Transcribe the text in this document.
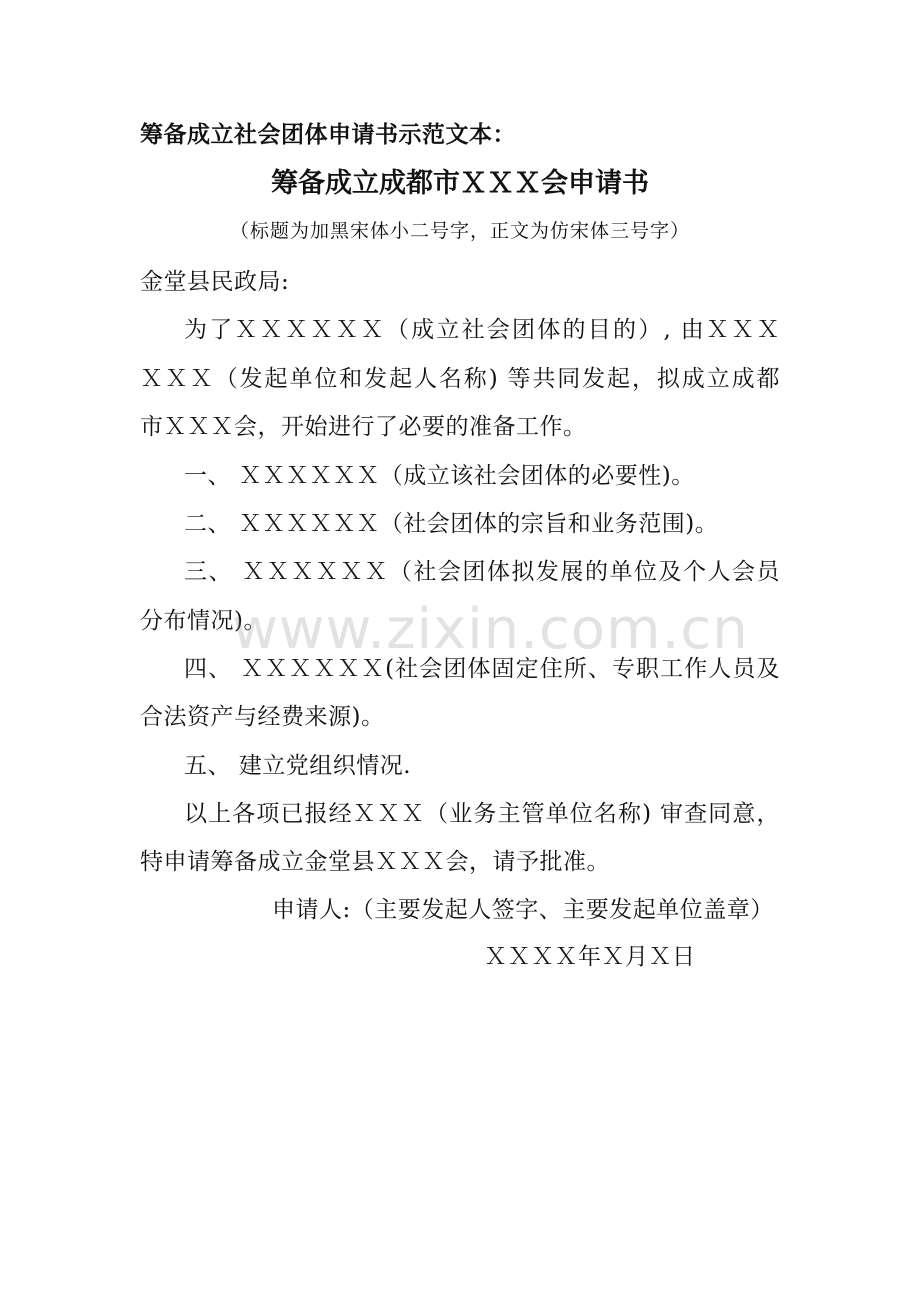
筹备成立社会团体申请书示范文本：
筹备成立成都市ＸＸＸ会申请书
（标题为加黑宋体小二号字，正文为仿宋体三号字）
金堂县民政局:
为了ＸＸＸＸＸＸ（成立社会团体的目的）, 由ＸＸＸ
ＸＸＸ（发起单位和发起人名称) 等共同发起，拟成立成都
市ＸＸＸ会，开始进行了必要的准备工作。
一、 ＸＸＸＸＸＸ（成立该社会团体的必要性)。
二、 ＸＸＸＸＸＸ（社会团体的宗旨和业务范围)。
三、 ＸＸＸＸＸＸ（社会团体拟发展的单位及个人会员
分布情况)。
四、 ＸＸＸＸＸＸ(社会团体固定住所、专职工作人员及
合法资产与经费来源)。
五、 建立党组织情况.
以上各项已报经ＸＸＸ（业务主管单位名称) 审查同意，
特申请筹备成立金堂县ＸＸＸ会，请予批准。
申请人:（主要发起人签字、主要发起单位盖章）
ＸＸＸＸ年Ｘ月Ｘ日
www.zixin.com.cn
